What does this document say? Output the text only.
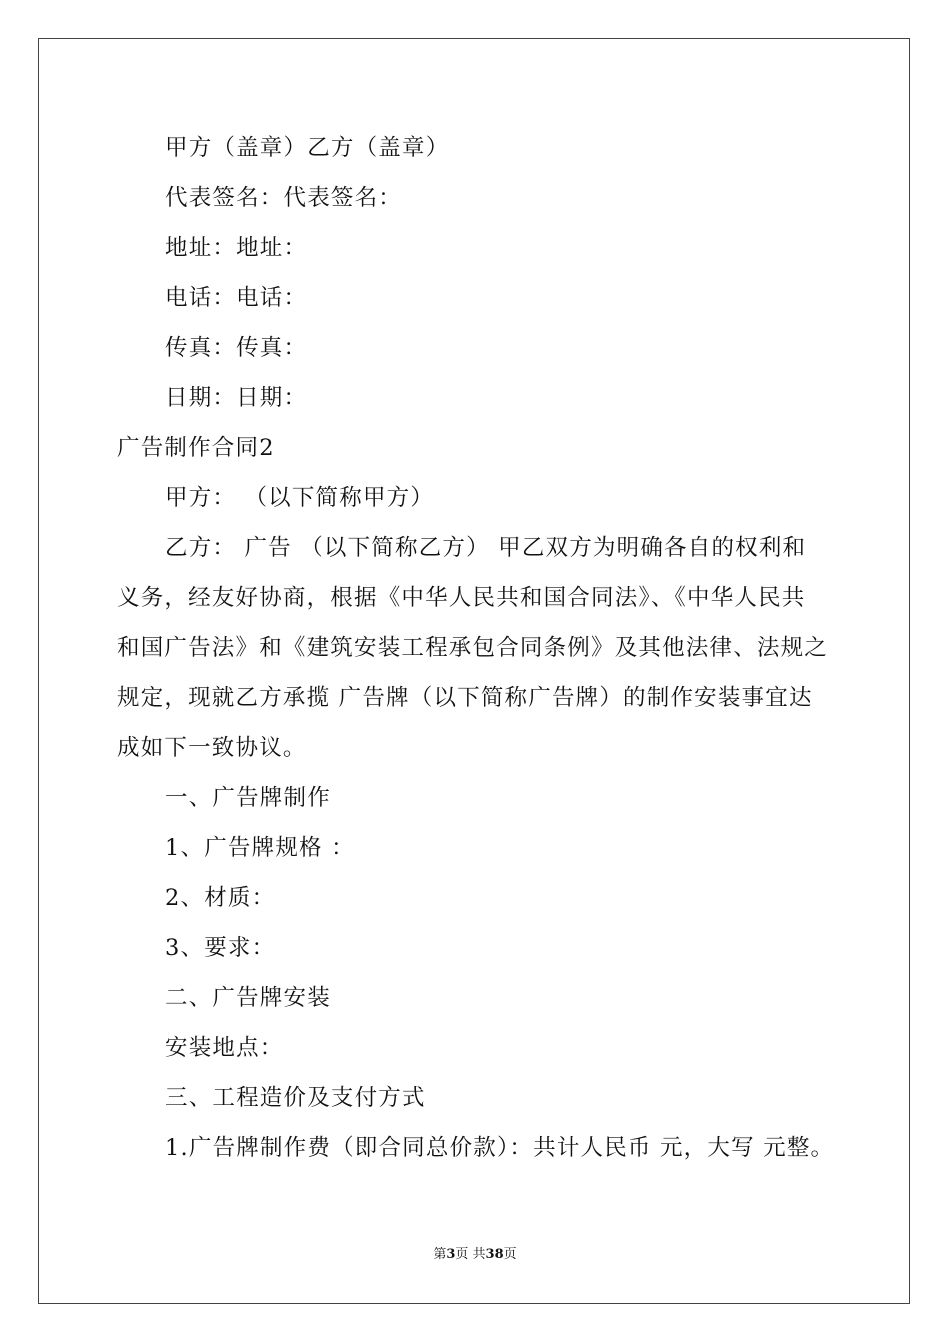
甲方（盖章）乙方（盖章）
代表签名：代表签名：
地址：地址：
电话：电话：
传真：传真：
日期：日期：
广告制作合同2
甲方： （以下简称甲方）
乙方： 广告 （以下简称乙方） 甲乙双方为明确各自的权利和
义务，经友好协商，根据《中华人民共和国合同法》、《中华人民共
和国广告法》和《建筑安装工程承包合同条例》及其他法律、法规之
规定，现就乙方承揽 广告牌（以下简称广告牌）的制作安装事宜达
成如下一致协议。
一、广告牌制作
1、广告牌规格 ：
2、材质：
3、要求：
二、广告牌安装
安装地点：
三、工程造价及支付方式
1.广告牌制作费（即合同总价款）：共计人民币 元，大写 元整。
第3页 共38页
